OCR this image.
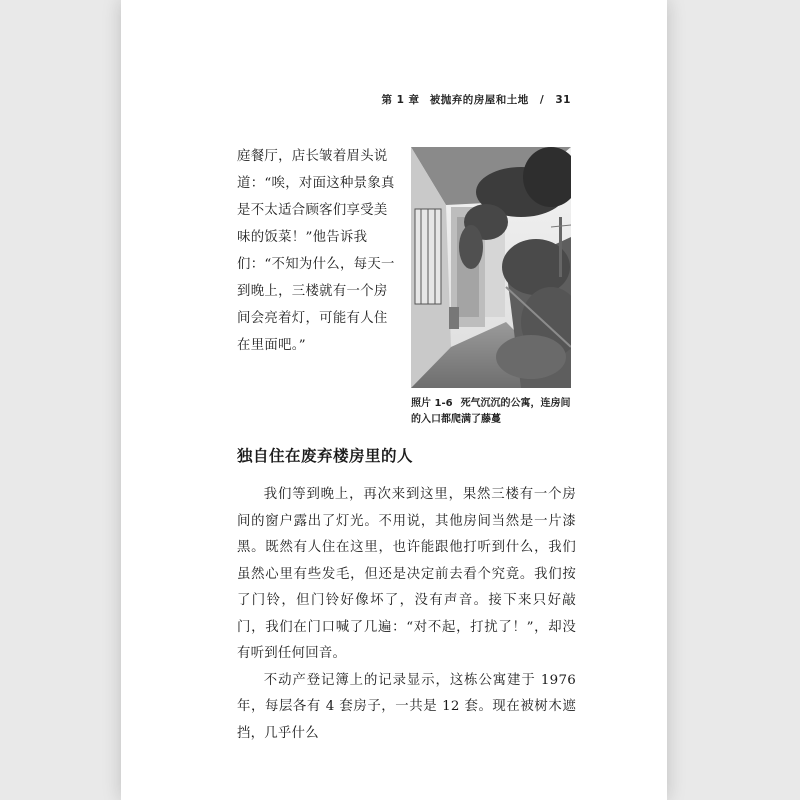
第 1 章 被抛弃的房屋和土地 / 31

庭餐厅，店长皱着眉头说道：“唉，对面这种景象真是不太适合顾客们享受美味的饭菜！”他告诉我们：“不知为什么，每天一到晚上，三楼就有一个房间会亮着灯，可能有人住在里面吧。”

照片 1-6 死气沉沉的公寓，连房间的入口都爬满了藤蔓
独自住在废弃楼房里的人

我们等到晚上，再次来到这里，果然三楼有一个房间的窗户露出了灯光。不用说，其他房间当然是一片漆黑。既然有人住在这里，也许能跟他打听到什么，我们虽然心里有些发毛，但还是决定前去看个究竟。我们按了门铃，但门铃好像坏了，没有声音。接下来只好敲门，我们在门口喊了几遍：“对不起，打扰了！”，却没有听到任何回音。

不动产登记簿上的记录显示，这栋公寓建于 1976 年，每层各有 4 套房子，一共是 12 套。现在被树木遮挡，几乎什么
